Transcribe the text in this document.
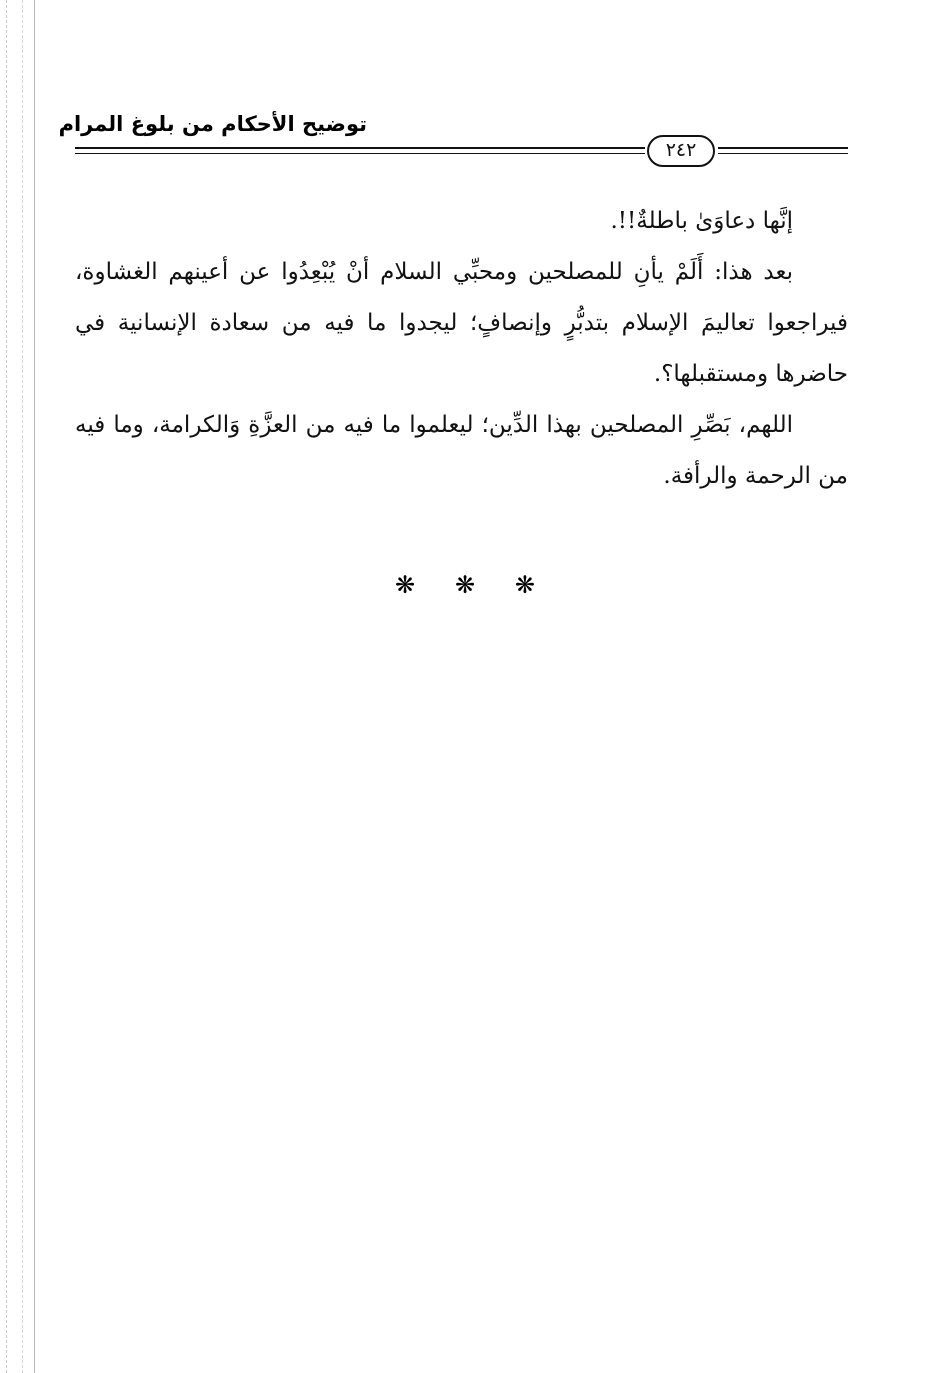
توضيح الأحكام من بلوغ المرام
٢٤٢

إنَّها دعاوَىٰ باطلةٌ!!.

بعد هذا: أَلَمْ يأنِ للمصلحين ومحبِّي السلام أنْ يُبْعِدُوا عن أعينهم الغشاوة، فيراجعوا تعاليمَ الإسلام بتدبُّرٍ وإنصافٍ؛ ليجدوا ما فيه من سعادة الإنسانية في حاضرها ومستقبلها؟.

اللهم، بَصِّرِ المصلحين بهذا الدِّين؛ ليعلموا ما فيه من العزَّةِ وَالكرامة، وما فيه من الرحمة والرأفة.

❋ ❋ ❋
